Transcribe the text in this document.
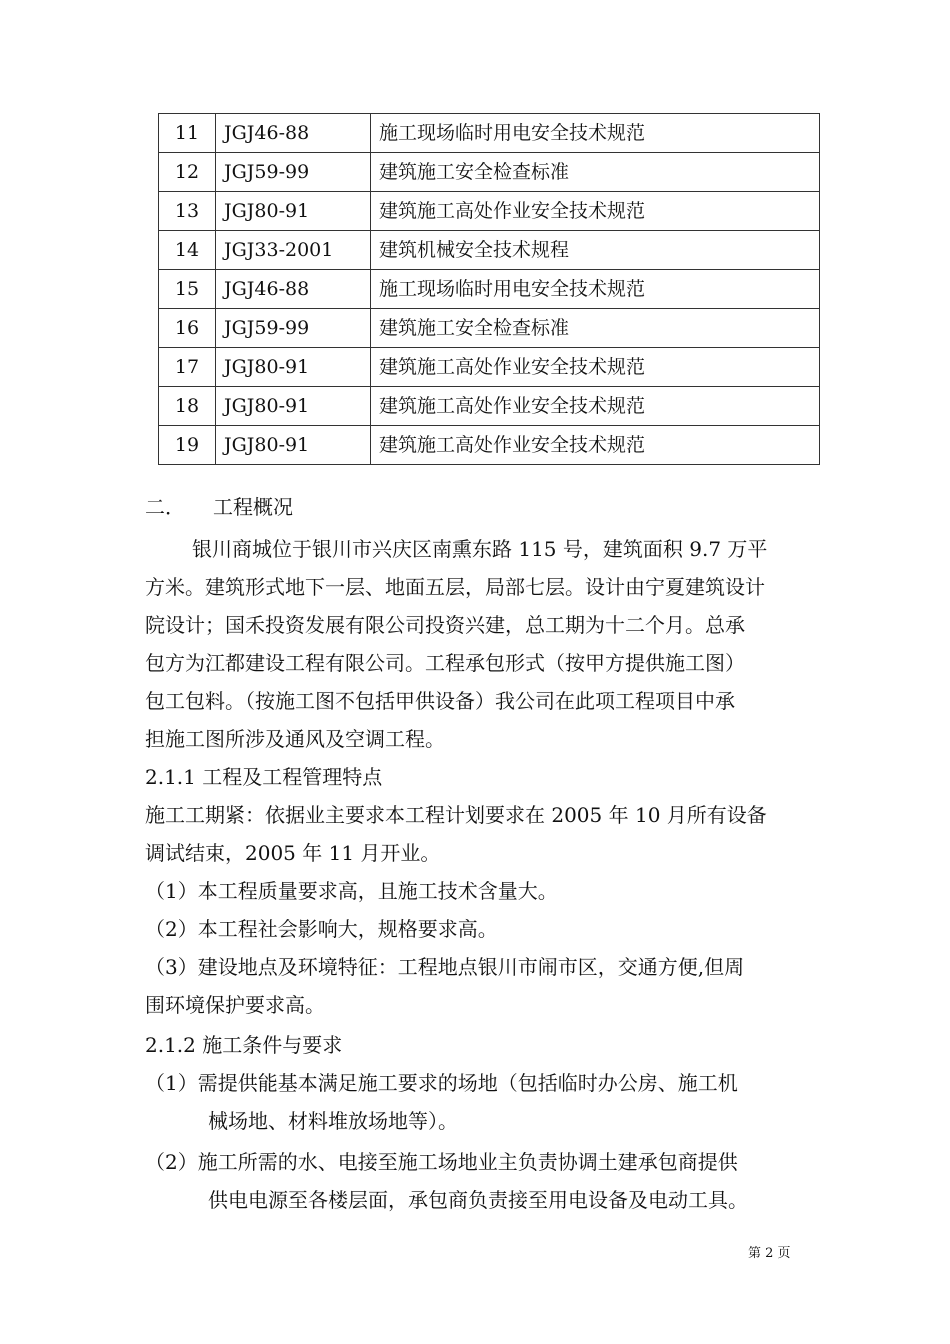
11	JGJ46-88	施工现场临时用电安全技术规范
12	JGJ59-99	建筑施工安全检查标准
13	JGJ80-91	建筑施工高处作业安全技术规范
14	JGJ33-2001	建筑机械安全技术规程
15	JGJ46-88	施工现场临时用电安全技术规范
16	JGJ59-99	建筑施工安全检查标准
17	JGJ80-91	建筑施工高处作业安全技术规范
18	JGJ80-91	建筑施工高处作业安全技术规范
19	JGJ80-91	建筑施工高处作业安全技术规范
二． 工程概况
银川商城位于银川市兴庆区南熏东路 115 号，建筑面积 9.7 万平
方米。建筑形式地下一层、地面五层，局部七层。设计由宁夏建筑设计
院设计；国禾投资发展有限公司投资兴建，总工期为十二个月。总承
包方为江都建设工程有限公司。工程承包形式（按甲方提供施工图）
包工包料。（按施工图不包括甲供设备）我公司在此项工程项目中承
担施工图所涉及通风及空调工程。
2.1.1 工程及工程管理特点
施工工期紧：依据业主要求本工程计划要求在 2005 年 10 月所有设备
调试结束，2005 年 11 月开业。
（1）本工程质量要求高，且施工技术含量大。
（2）本工程社会影响大，规格要求高。
（3）建设地点及环境特征：工程地点银川市闹市区，交通方便,但周
围环境保护要求高。
2.1.2 施工条件与要求
（1）需提供能基本满足施工要求的场地（包括临时办公房、施工机
械场地、材料堆放场地等）。
（2）施工所需的水、电接至施工场地业主负责协调土建承包商提供
供电电源至各楼层面，承包商负责接至用电设备及电动工具。
第 2 页
